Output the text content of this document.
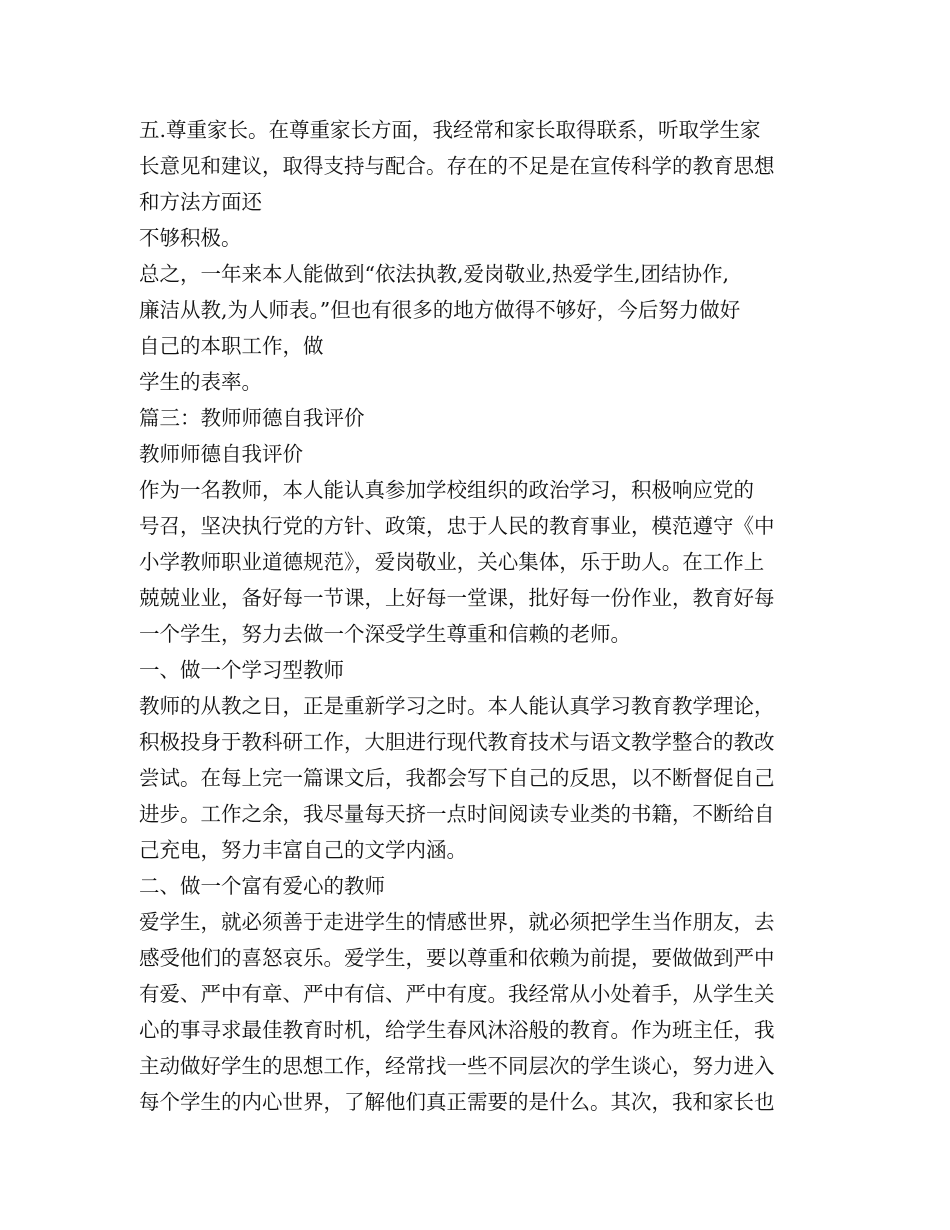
五.尊重家长。在尊重家长方面，我经常和家长取得联系，听取学生家
长意见和建议，取得支持与配合。存在的不足是在宣传科学的教育思想
和方法方面还
不够积极。
总之，一年来本人能做到“依法执教,爱岗敬业,热爱学生,团结协作,
廉洁从教,为人师表。”但也有很多的地方做得不够好，今后努力做好
自己的本职工作，做
学生的表率。
篇三：教师师德自我评价
教师师德自我评价
作为一名教师，本人能认真参加学校组织的政治学习，积极响应党的
号召，坚决执行党的方针、政策，忠于人民的教育事业，模范遵守《中
小学教师职业道德规范》，爱岗敬业，关心集体，乐于助人。在工作上
兢兢业业，备好每一节课，上好每一堂课，批好每一份作业，教育好每
一个学生，努力去做一个深受学生尊重和信赖的老师。
一、做一个学习型教师
教师的从教之日，正是重新学习之时。本人能认真学习教育教学理论，
积极投身于教科研工作，大胆进行现代教育技术与语文教学整合的教改
尝试。在每上完一篇课文后，我都会写下自己的反思，以不断督促自己
进步。工作之余，我尽量每天挤一点时间阅读专业类的书籍，不断给自
己充电，努力丰富自己的文学内涵。
二、做一个富有爱心的教师
爱学生，就必须善于走进学生的情感世界，就必须把学生当作朋友，去
感受他们的喜怒哀乐。爱学生，要以尊重和依赖为前提，要做做到严中
有爱、严中有章、严中有信、严中有度。我经常从小处着手，从学生关
心的事寻求最佳教育时机，给学生春风沐浴般的教育。作为班主任，我
主动做好学生的思想工作，经常找一些不同层次的学生谈心，努力进入
每个学生的内心世界，了解他们真正需要的是什么。其次，我和家长也
